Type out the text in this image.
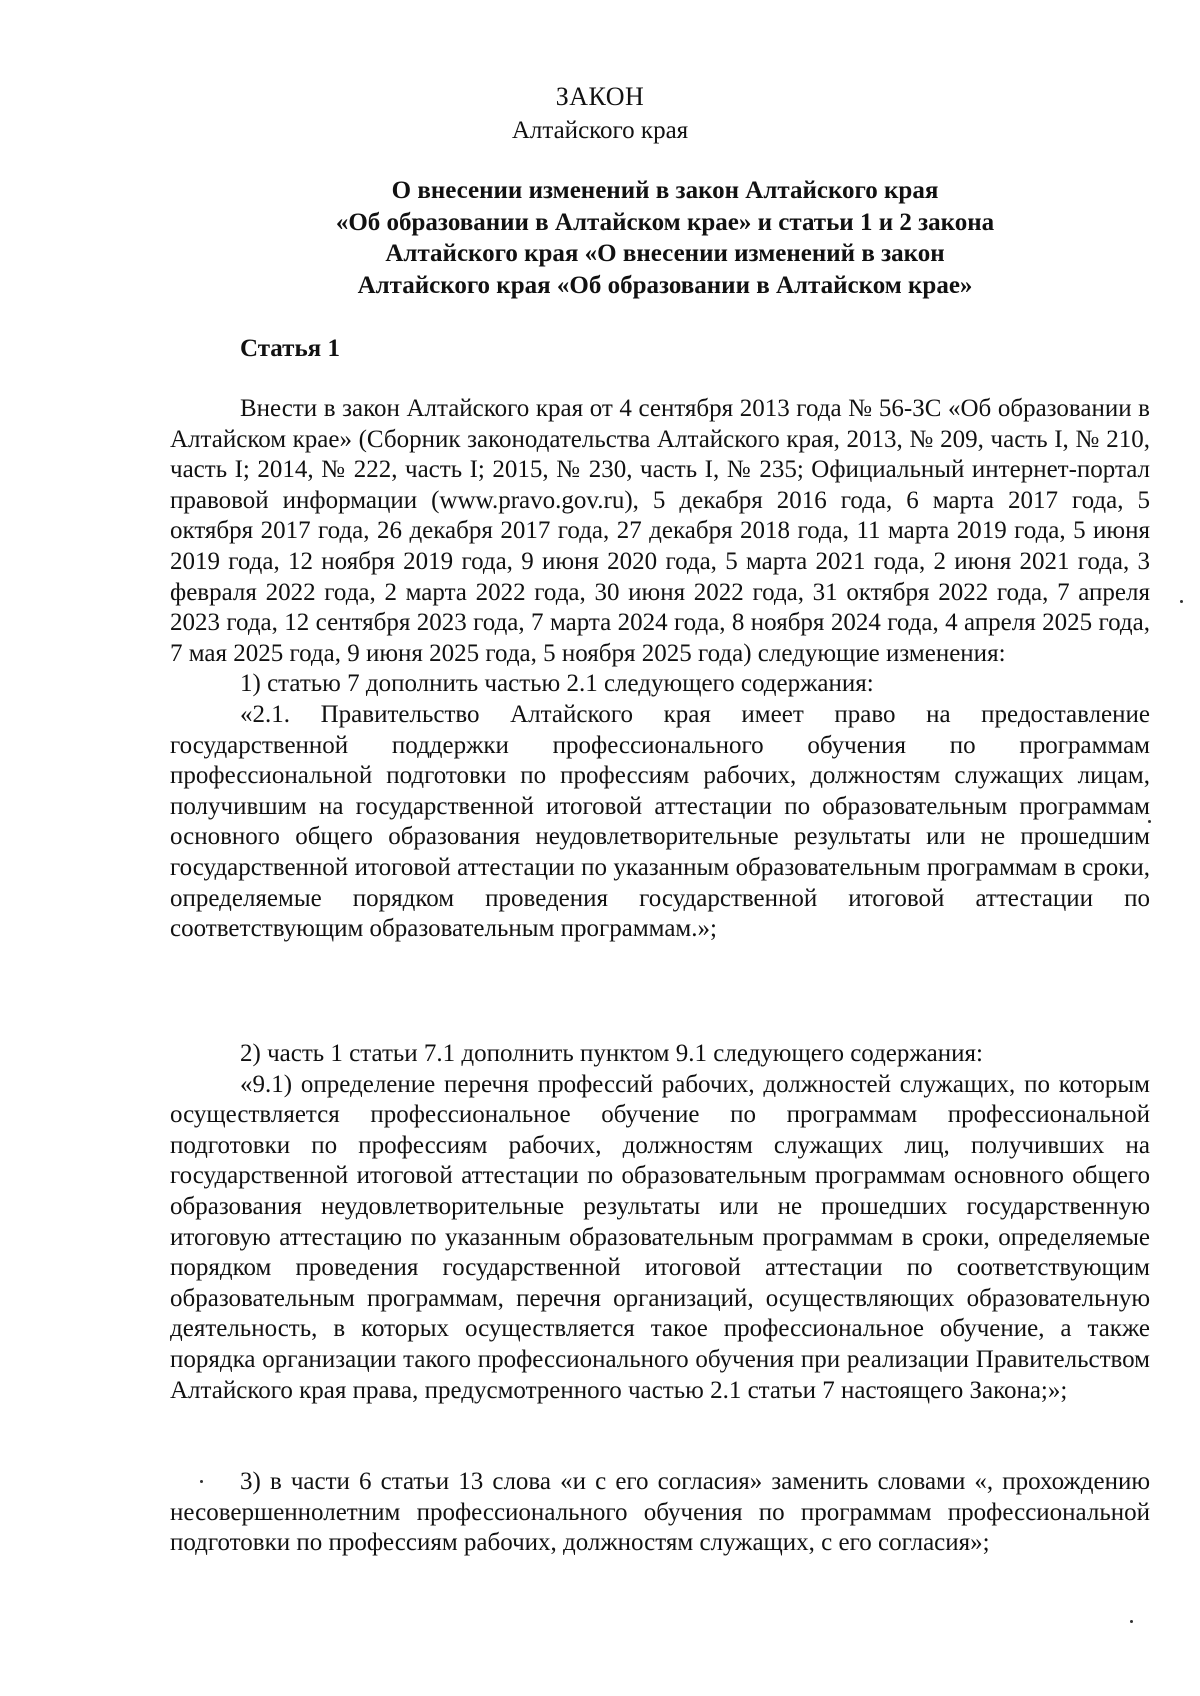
ЗАКОН
Алтайского края
О внесении изменений в закон Алтайского края
«Об образовании в Алтайском крае» и статьи 1 и 2 закона
Алтайского края «О внесении изменений в закон
Алтайского края «Об образовании в Алтайском крае»
Статья 1

Внести в закон Алтайского края от 4 сентября 2013 года № 56-ЗС «Об образовании в Алтайском крае» (Сборник законодательства Алтайского края, 2013, № 209, часть I, № 210, часть I; 2014, № 222, часть I; 2015, № 230, часть I, № 235; Официальный интернет-портал правовой информации (www.pravo.gov.ru), 5 декабря 2016 года, 6 марта 2017 года, 5 октября 2017 года, 26 декабря 2017 года, 27 декабря 2018 года, 11 марта 2019 года, 5 июня 2019 года, 12 ноября 2019 года, 9 июня 2020 года, 5 марта 2021 года, 2 июня 2021 года, 3 февраля 2022 года, 2 марта 2022 года, 30 июня 2022 года, 31 октября 2022 года, 7 апреля 2023 года, 12 сентября 2023 года, 7 марта 2024 года, 8 ноября 2024 года, 4 апреля 2025 года, 7 мая 2025 года, 9 июня 2025 года, 5 ноября 2025 года) следующие изменения:

1) статью 7 дополнить частью 2.1 следующего содержания:

«2.1. Правительство Алтайского края имеет право на предоставление государственной поддержки профессионального обучения по программам профессиональной подготовки по профессиям рабочих, должностям служащих лицам, получившим на государственной итоговой аттестации по образовательным программам основного общего образования неудовлетворительные результаты или не прошедшим государственной итоговой аттестации по указанным образовательным программам в сроки, определяемые порядком проведения государственной итоговой аттестации по соответствующим образовательным программам.»;

2) часть 1 статьи 7.1 дополнить пунктом 9.1 следующего содержания:

«9.1) определение перечня профессий рабочих, должностей служащих, по которым осуществляется профессиональное обучение по программам профессиональной подготовки по профессиям рабочих, должностям служащих лиц, получивших на государственной итоговой аттестации по образовательным программам основного общего образования неудовлетворительные результаты или не прошедших государственную итоговую аттестацию по указанным образовательным программам в сроки, определяемые порядком проведения государственной итоговой аттестации по соответствующим образовательным программам, перечня организаций, осуществляющих образовательную деятельность, в которых осуществляется такое профессиональное обучение, а также порядка организации такого профессионального обучения при реализации Правительством Алтайского края права, предусмотренного частью 2.1 статьи 7 настоящего Закона;»;

3) в части 6 статьи 13 слова «и с его согласия» заменить словами «, прохождению несовершеннолетним профессионального обучения по программам профессиональной подготовки по профессиям рабочих, должностям служащих, с его согласия»;
